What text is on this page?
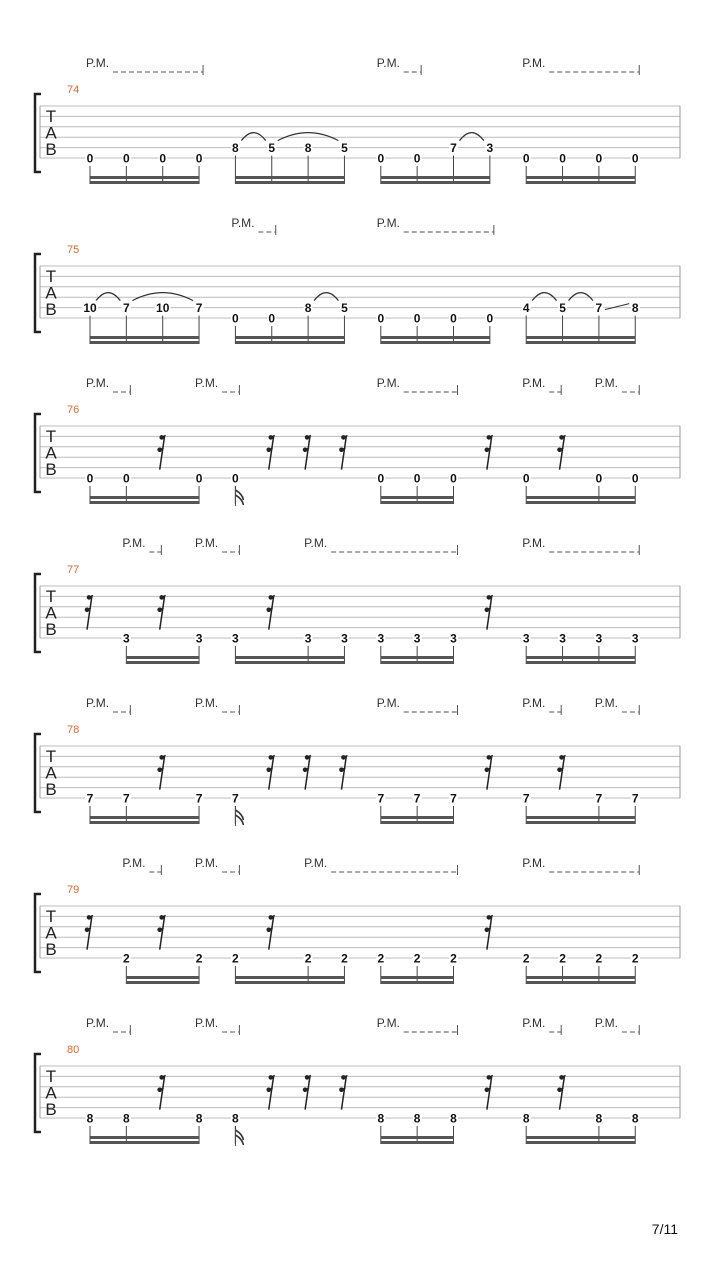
P.M.	P.M.	P.M.
74
T
A
B 0 0 0 0
8 5 8 5
0 0
7 3
0 0 0 0
P.M.	P.M.
75
T
A
B 10 7 10 7
0 0
8 5
0 0 0 0
4 5 7 8
P.M.	P.M.	P.M.	P.M.	P.M.
76
T
A
B 0 0	0 0	0 0 0	0	0 0
P.M.	P.M.	P.M.	P.M.
77
T
A
B	3	3 3	3 3 3 3 3	3 3 3 3
P.M.	P.M.	P.M.	P.M.	P.M.
78
T
A
B 7 7	7 7	7 7 7	7	7 7
P.M.	P.M.	P.M.	P.M.
79
T
A
B	2	2 2	2 2 2 2 2	2 2 2 2
P.M.	P.M.	P.M.	P.M.	P.M.
80
T
A
B 8 8	8 8	8 8 8	8	8 8
7/11
